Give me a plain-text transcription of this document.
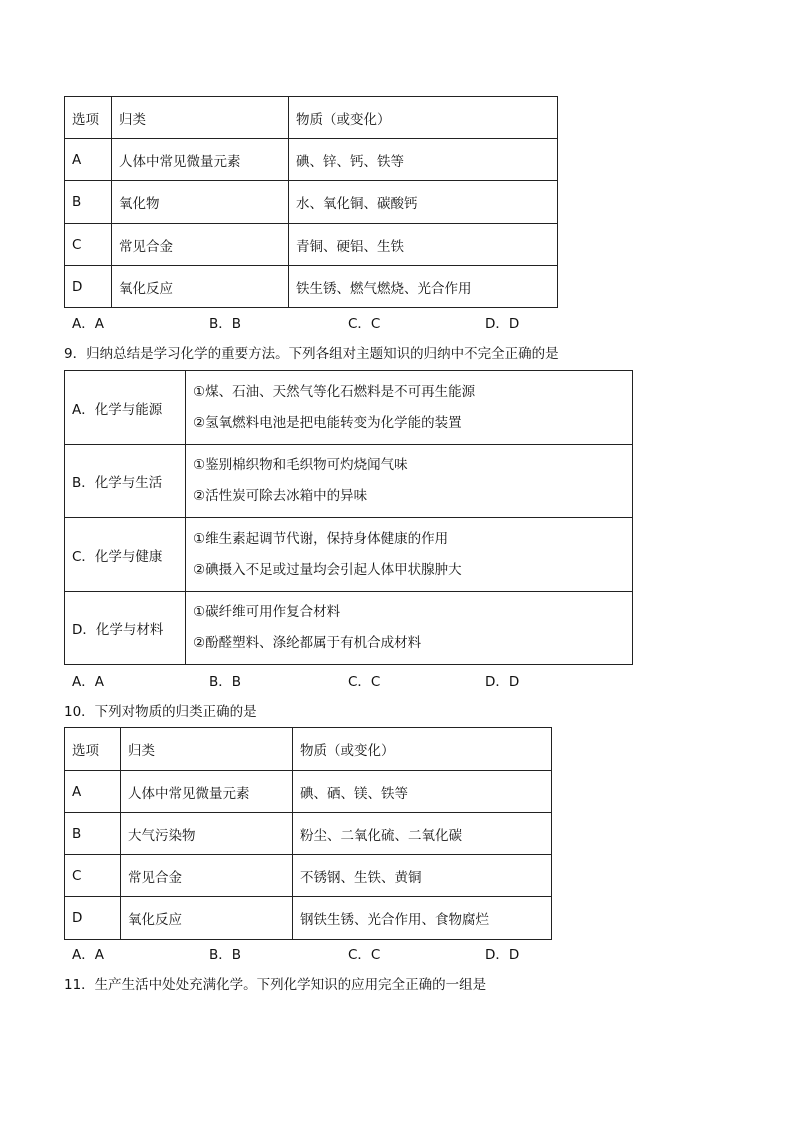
选项	归类	物质（或变化）
A	人体中常见微量元素	碘、锌、钙、铁等
B	氧化物	水、氧化铜、碳酸钙
C	常见合金	青铜、硬铝、生铁
D	氧化反应	铁生锈、燃气燃烧、光合作用
A．A	B．B	C．C	D．D
9．归纳总结是学习化学的重要方法。下列各组对主题知识的归纳中不完全正确的是
A．化学与能源	①煤、石油、天然气等化石燃料是不可再生能源
②氢氧燃料电池是把电能转变为化学能的装置

B．化学与生活	①鉴别棉织物和毛织物可灼烧闻气味
②活性炭可除去冰箱中的异味

C．化学与健康	①维生素起调节代谢，保持身体健康的作用
②碘摄入不足或过量均会引起人体甲状腺肿大

D．化学与材料	①碳纤维可用作复合材料
②酚醛塑料、涤纶都属于有机合成材料
A．A	B．B	C．C	D．D
10．下列对物质的归类正确的是
选项	归类	物质（或变化）
A	人体中常见微量元素	碘、硒、镁、铁等
B	大气污染物	粉尘、二氧化硫、二氧化碳
C	常见合金	不锈钢、生铁、黄铜
D	氧化反应	钢铁生锈、光合作用、食物腐烂
A．A	B．B	C．C	D．D
11．生产生活中处处充满化学。下列化学知识的应用完全正确的一组是
